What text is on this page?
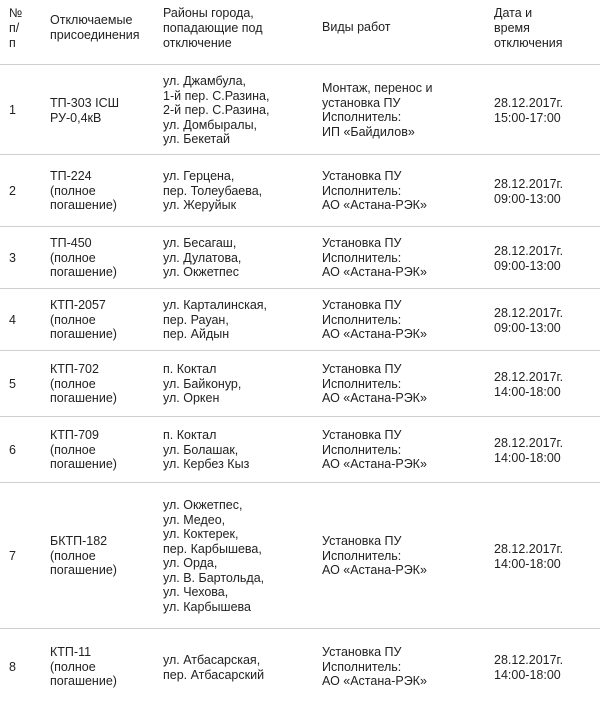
№
п/
п
Отключаемые
присоединения
Районы города,
попадающие под
отключение
Виды работ
Дата и
время
отключения
1	ТП-303 IСШ
РУ-0,4кВ
ул. Джамбула,
1-й пер. С.Разина,
2-й пер. С.Разина,
ул. Домбыралы,
ул. Бекетай
Монтаж, перенос и
установка ПУ
Исполнитель:
ИП «Байдилов»
28.12.2017г.
15:00-17:00
2
ТП-224
(полное
погашение)
ул. Герцена,
пер. Толеубаева,
ул. Жеруйык
Установка ПУ
Исполнитель:
АО «Астана-РЭК»
28.12.2017г.
09:00-13:00
3
ТП-450
(полное
погашение)
ул. Бесагаш,
ул. Дулатова,
ул. Окжетпес
Установка ПУ
Исполнитель:
АО «Астана-РЭК»
28.12.2017г.
09:00-13:00
4
КТП-2057
(полное
погашение)
ул. Карталинская,
пер. Рауан,
пер. Айдын
Установка ПУ
Исполнитель:
АО «Астана-РЭК»
28.12.2017г.
09:00-13:00
5
КТП-702
(полное
погашение)
п. Коктал
ул. Байконур,
ул. Оркен
Установка ПУ
Исполнитель:
АО «Астана-РЭК»
28.12.2017г.
14:00-18:00
6
КТП-709
(полное
погашение)
п. Коктал
ул. Болашак,
ул. Кербез Кыз
Установка ПУ
Исполнитель:
АО «Астана-РЭК»
28.12.2017г.
14:00-18:00
7
БКТП-182
(полное
погашение)
ул. Окжетпес,
ул. Медео,
ул. Коктерек,
пер. Карбышева,
ул. Орда,
ул. В. Бартольда,
ул. Чехова,
ул. Карбышева
Установка ПУ
Исполнитель:
АО «Астана-РЭК»
28.12.2017г.
14:00-18:00
8
КТП-11
(полное
погашение)
ул. Атбасарская,
пер. Атбасарский
Установка ПУ
Исполнитель:
АО «Астана-РЭК»
28.12.2017г.
14:00-18:00
